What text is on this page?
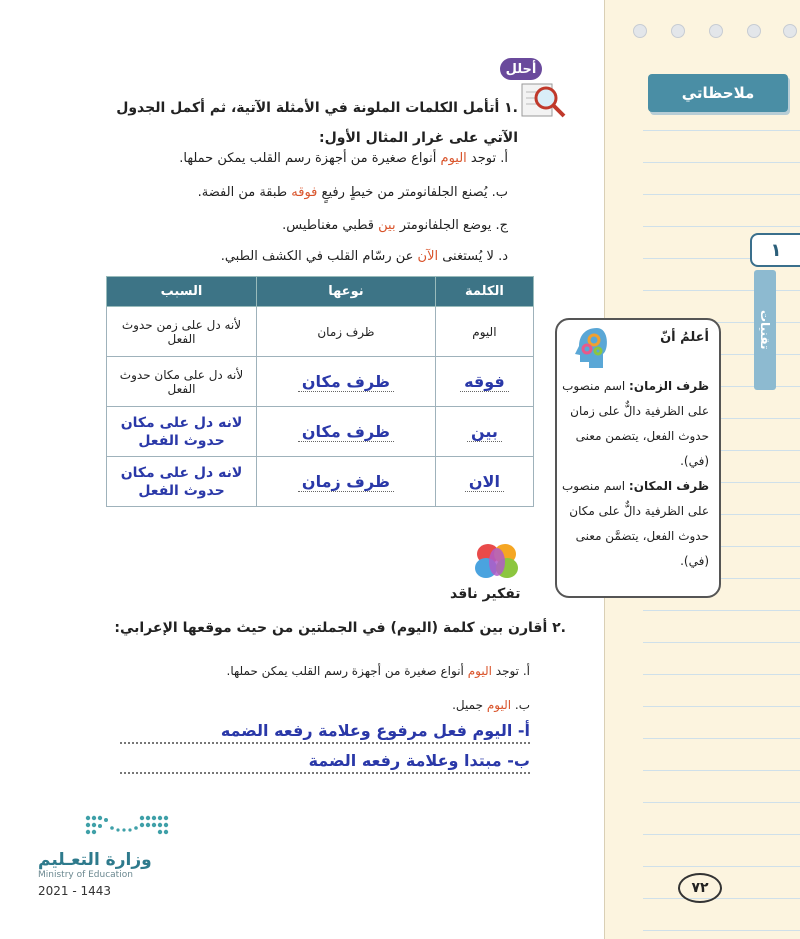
ملاحظاتي
١
تقنيات
أحلل
.١ أتأمل الكلمات الملونة في الأمثلة الآتية، ثم أكمل الجدول الآتي على غرار المثال الأول:
أ. توجد اليوم أنواع صغيرة من أجهزة رسم القلب يمكن حملها.
ب. يُصنع الجلفانومتر من خيطٍ رفيعٍ فوقه طبقة من الفضة.
ج. يوضع الجلفانومتر بين قطبي مغناطيس.
د. لا يُستغنى الآن عن رسّام القلب في الكشف الطبي.
الكلمة	نوعها	السبب
اليوم	ظرف زمان	لأنه دل على زمن حدوث الفعل
فوقه	ظرف مكان	لأنه دل على مكان حدوث الفعل
بين	ظرف مكان	لانه دل على مكان حدوث الفعل
الان	ظرف زمان	لانه دل على مكان حدوث الفعل
أعلمُ أنّ
ظرف الزمان: اسم منصوب على الظرفية دالٌّ على زمان حدوث الفعل، يتضمن معنى (في).
ظرف المكان: اسم منصوب على الظرفية دالٌّ على مكان حدوث الفعل، يتضمَّن معنى (في).
تفكير ناقد
.٢ أقارن بين كلمة (اليوم) في الجملتين من حيث موقعها الإعرابي:
أ. توجد اليوم أنواع صغيرة من أجهزة رسم القلب يمكن حملها.
ب. اليوم جميل.
أ- اليوم فعل مرفوع وعلامة رفعه الضمه
ب- مبتدا وعلامة رفعه الضمة
وزارة التعـليم
Ministry of Education
2021 - 1443	٧٢
